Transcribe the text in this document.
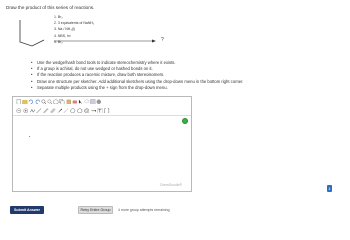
Draw the product of this series of reactions.
1. Br₂
2. 3 equivalents of NaNH₂
3. Na / NH₃(l)
4. NBS, hν
5. Br₂	?
• Use the wedge/hash bond tools to indicate stereochemistry where it exists.
• If a group is achiral, do not use wedged or hashed bonds on it.
• If the reaction produces a racemic mixture, draw both stereoisomers.
• Draw one structure per sketcher. Add additional sketchers using the drop-down menu in the bottom right corner.
• Separate multiple products using the + sign from the drop-down menu.
ChemDoodle®
⇕
Submit Answer	Retry Entire Group	4 more group attempts remaining
